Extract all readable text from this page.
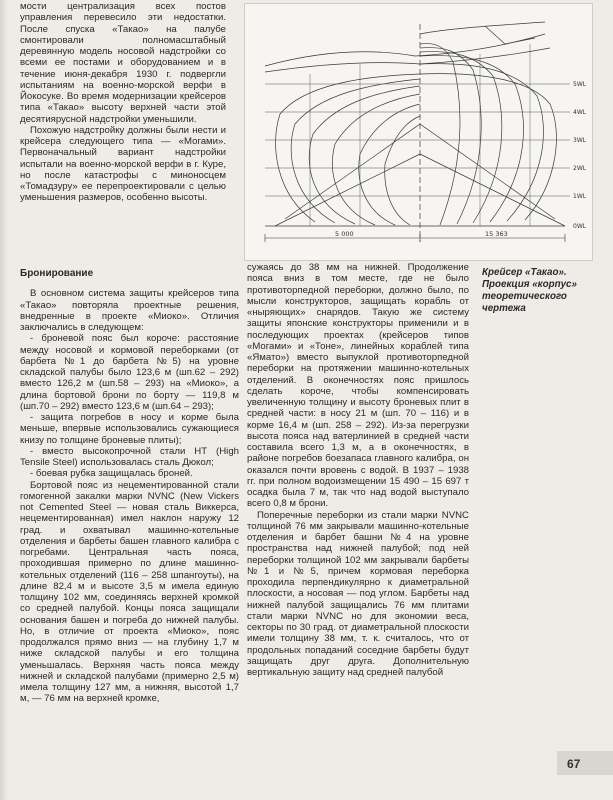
мости централизация всех постов управления перевесило эти недостатки. После спуска «Такао» на палубе смонтировали полномасштабный деревянную модель носовой надстройки со всеми ее постами и оборудованием и в течение июня-декабря 1930 г. подвергли испытаниям на военно-морской верфи в Йокосуке. Во время модернизации крейсеров типа «Такао» высоту верхней части этой десятиярусной надстройки уменьшили.

Похожую надстройку должны были нести и крейсера следующего типа — «Могами». Первоначальный вариант надстройки испытали на военно-морской верфи в г. Куре, но после катастрофы с миноносцем «Томадзуру» ее перепроектировали с целью уменьшения размеров, особенно высоты.

5WL
4WL
3WL
2WL
1WL
0WL
5 000	15 363
Бронирование

В основном система защиты крейсеров типа «Такао» повторяла проектные решения, внедренные в проекте «Миоко». Отличия заключались в следующем:

- броневой пояс был короче: расстояние между носовой и кормовой переборками (от барбета №1 до барбета №5) на уровне складской палубы было 123,6 м (шп.62 – 292) вместо 126,2 м (шп.58 – 293) на «Миоко», а длина бортовой брони по борту — 119,8 м (шп.70 – 292) вместо 123,6 м (шп.64 – 293);

- защита погребов в носу и корме была меньше, впервые использовались сужающиеся книзу по толщине броневые плиты);

- вместо высокопрочной стали НТ (High Tensile Steel) использовалась сталь Дюкол;

- боевая рубка защищалась броней.

Бортовой пояс из нецементированной стали гомогенной закалки марки NVNC (New Vickers not Cemented Steel — новая сталь Виккерса, нецементированная) имел наклон наружу 12 град. и охватывал машинно-котельные отделения и барбеты башен главного калибра с погребами. Центральная часть пояса, проходившая примерно по длине машинно-котельных отделений (116 – 258 шпангоуты), на длине 82,4 м и высоте 3,5 м имела единую толщину 102 мм, соединяясь верхней кромкой со средней палубой. Концы пояса защищали основания башен и погреба до нижней палубы. Но, в отличие от проекта «Миоко», пояс продолжался прямо вниз — на глубину 1,7 м ниже складской палубы и его толщина уменьшалась. Верхняя часть пояса между нижней и складской палубами (примерно 2,5 м) имела толщину 127 мм, а нижняя, высотой 1,7 м, — 76 мм на верхней кромке,

сужаясь до 38 мм на нижней. Продолжение пояса вниз в том месте, где не было противоторпедной переборки, должно было, по мысли конструкторов, защищать корабль от «ныряющих» снарядов. Такую же систему защиты японские конструкторы применили и в последующих проектах (крейсеров типов «Могами» и «Тоне», линейных кораблей типа «Ямато») вместо выпуклой противоторпедной переборки на протяжении машинно-котельных отделений. В оконечностях пояс пришлось сделать короче, чтобы компенсировать увеличенную толщину и высоту броневых плит в средней части: в носу 21 м (шп. 70 – 116) и в корме 16,4 м (шп. 258 – 292). Из-за перегрузки высота пояса над ватерлинией в средней части составила всего 1,3 м, а в оконечностях, в районе погребов боезапаса главного калибра, он оказался почти вровень с водой. В 1937 – 1938 гг. при полном водоизмещении 15 490 – 15 697 т осадка была 7 м, так что над водой выступало всего 0,8 м брони.

Поперечные переборки из стали марки NVNC толщиной 76 мм закрывали машинно-котельные отделения и барбет башни №4 на уровне пространства над нижней палубой; под ней переборки толщиной 102 мм закрывали барбеты №1 и №5, причем кормовая переборка проходила перпендикулярно к диаметральной плоскости, а носовая — под углом. Барбеты над нижней палубой защищались 76 мм плитами стали марки NVNC но для экономии веса, секторы по 30 град. от диаметральной плоскости имели толщину 38 мм, т. к. считалось, что от продольных попаданий соседние барбеты будут защищать друг друга. Дополнительную вертикальную защиту над средней палубой

Крейсер «Такао».
Проекция «корпус»
теоретического
чертежа
67
